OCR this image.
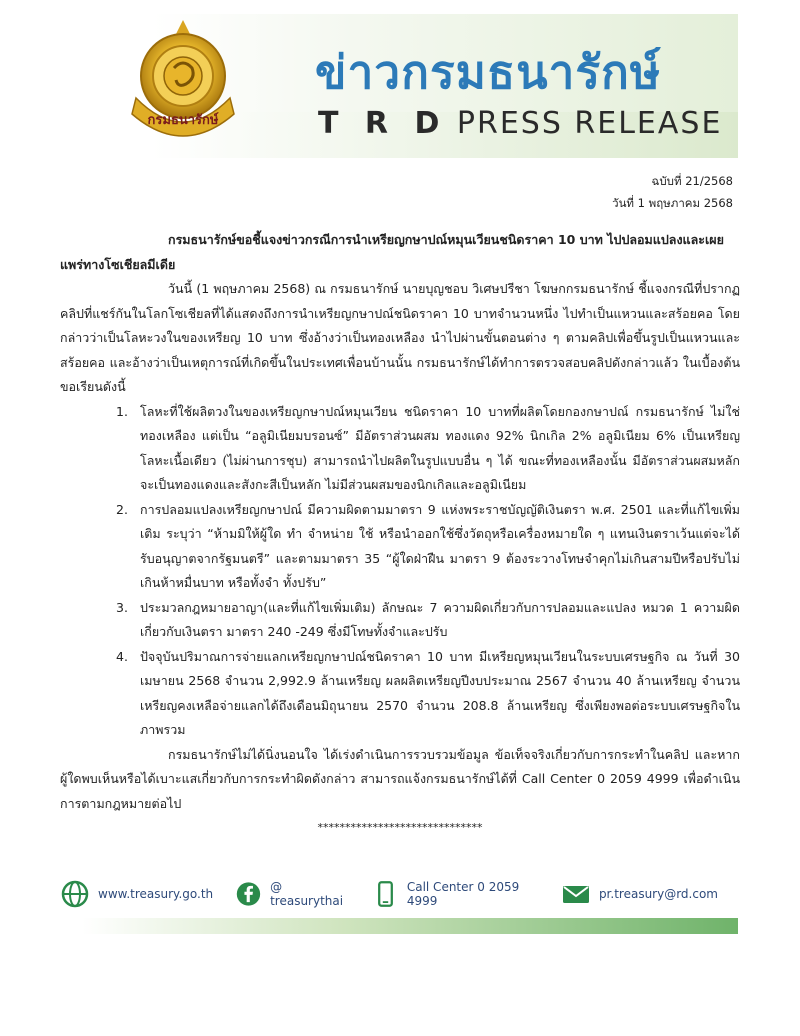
กรมธนารักษ์
ข่าวกรมธนารักษ์
T R D PRESS RELEASE
ฉบับที่ 21/2568
วันที่ 1 พฤษภาคม 2568

กรมธนารักษ์ขอชี้แจงข่าวกรณีการนำเหรียญกษาปณ์หมุนเวียนชนิดราคา 10 บาท ไปปลอมแปลงและเผยแพร่ทางโซเชียลมีเดีย

วันนี้ (1 พฤษภาคม 2568) ณ กรมธนารักษ์ นายบุญชอบ วิเศษปรีชา โฆษกกรมธนารักษ์ ชี้แจงกรณีที่ปรากฏคลิปที่แชร์กันในโลกโซเชียลที่ได้แสดงถึงการนำเหรียญกษาปณ์ชนิดราคา 10 บาทจำนวนหนึ่ง ไปทำเป็นแหวนและสร้อยคอ โดยกล่าวว่าเป็นโลหะวงในของเหรียญ 10 บาท ซึ่งอ้างว่าเป็นทองเหลือง นำไปผ่านขั้นตอนต่าง ๆ ตามคลิปเพื่อขึ้นรูปเป็นแหวนและสร้อยคอ และอ้างว่าเป็นเหตุการณ์ที่เกิดขึ้นในประเทศเพื่อนบ้านนั้น กรมธนารักษ์ได้ทำการตรวจสอบคลิปดังกล่าวแล้ว ในเบื้องต้นขอเรียนดังนี้

1. โลหะที่ใช้ผลิตวงในของเหรียญกษาปณ์หมุนเวียน ชนิดราคา 10 บาทที่ผลิตโดยกองกษาปณ์ กรมธนารักษ์ ไม่ใช่ทองเหลือง แต่เป็น “อลูมิเนียมบรอนซ์” มีอัตราส่วนผสม ทองแดง 92% นิกเกิล 2% อลูมิเนียม 6% เป็นเหรียญโลหะเนื้อเดียว (ไม่ผ่านการชุบ) สามารถนำไปผลิตในรูปแบบอื่น ๆ ได้ ขณะที่ทองเหลืองนั้น มีอัตราส่วนผสมหลักจะเป็นทองแดงและสังกะสีเป็นหลัก ไม่มีส่วนผสมของนิกเกิลและอลูมิเนียม
2. การปลอมแปลงเหรียญกษาปณ์ มีความผิดตามมาตรา 9 แห่งพระราชบัญญัติเงินตรา พ.ศ. 2501 และที่แก้ไขเพิ่มเติม ระบุว่า “ห้ามมิให้ผู้ใด ทำ จำหน่าย ใช้ หรือนำออกใช้ซึ่งวัตถุหรือเครื่องหมายใด ๆ แทนเงินตราเว้นแต่จะได้รับอนุญาตจากรัฐมนตรี” และตามมาตรา 35 “ผู้ใดฝ่าฝืน มาตรา 9 ต้องระวางโทษจำคุกไม่เกินสามปีหรือปรับไม่เกินห้าหมื่นบาท หรือทั้งจำ ทั้งปรับ”
3. ประมวลกฎหมายอาญา(และที่แก้ไขเพิ่มเติม) ลักษณะ 7 ความผิดเกี่ยวกับการปลอมและแปลง หมวด 1 ความผิดเกี่ยวกับเงินตรา มาตรา 240 -249 ซึ่งมีโทษทั้งจำและปรับ
4. ปัจจุบันปริมาณการจ่ายแลกเหรียญกษาปณ์ชนิดราคา 10 บาท มีเหรียญหมุนเวียนในระบบเศรษฐกิจ ณ วันที่ 30 เมษายน 2568 จำนวน 2,992.9 ล้านเหรียญ ผลผลิตเหรียญปีงบประมาณ 2567 จำนวน 40 ล้านเหรียญ จำนวนเหรียญคงเหลือจ่ายแลกได้ถึงเดือนมิถุนายน 2570 จำนวน 208.8 ล้านเหรียญ ซึ่งเพียงพอต่อระบบเศรษฐกิจในภาพรวม

กรมธนารักษ์ไม่ได้นิ่งนอนใจ ได้เร่งดำเนินการรวบรวมข้อมูล ข้อเท็จจริงเกี่ยวกับการกระทำในคลิป และหากผู้ใดพบเห็นหรือได้เบาะแสเกี่ยวกับการกระทำผิดดังกล่าว สามารถแจ้งกรมธนารักษ์ได้ที่ Call Center 0 2059 4999 เพื่อดำเนินการตามกฎหมายต่อไป

******************************
www.treasury.go.th	@ treasurythai
Call Center 0 2059 4999	pr.treasury@rd.com
